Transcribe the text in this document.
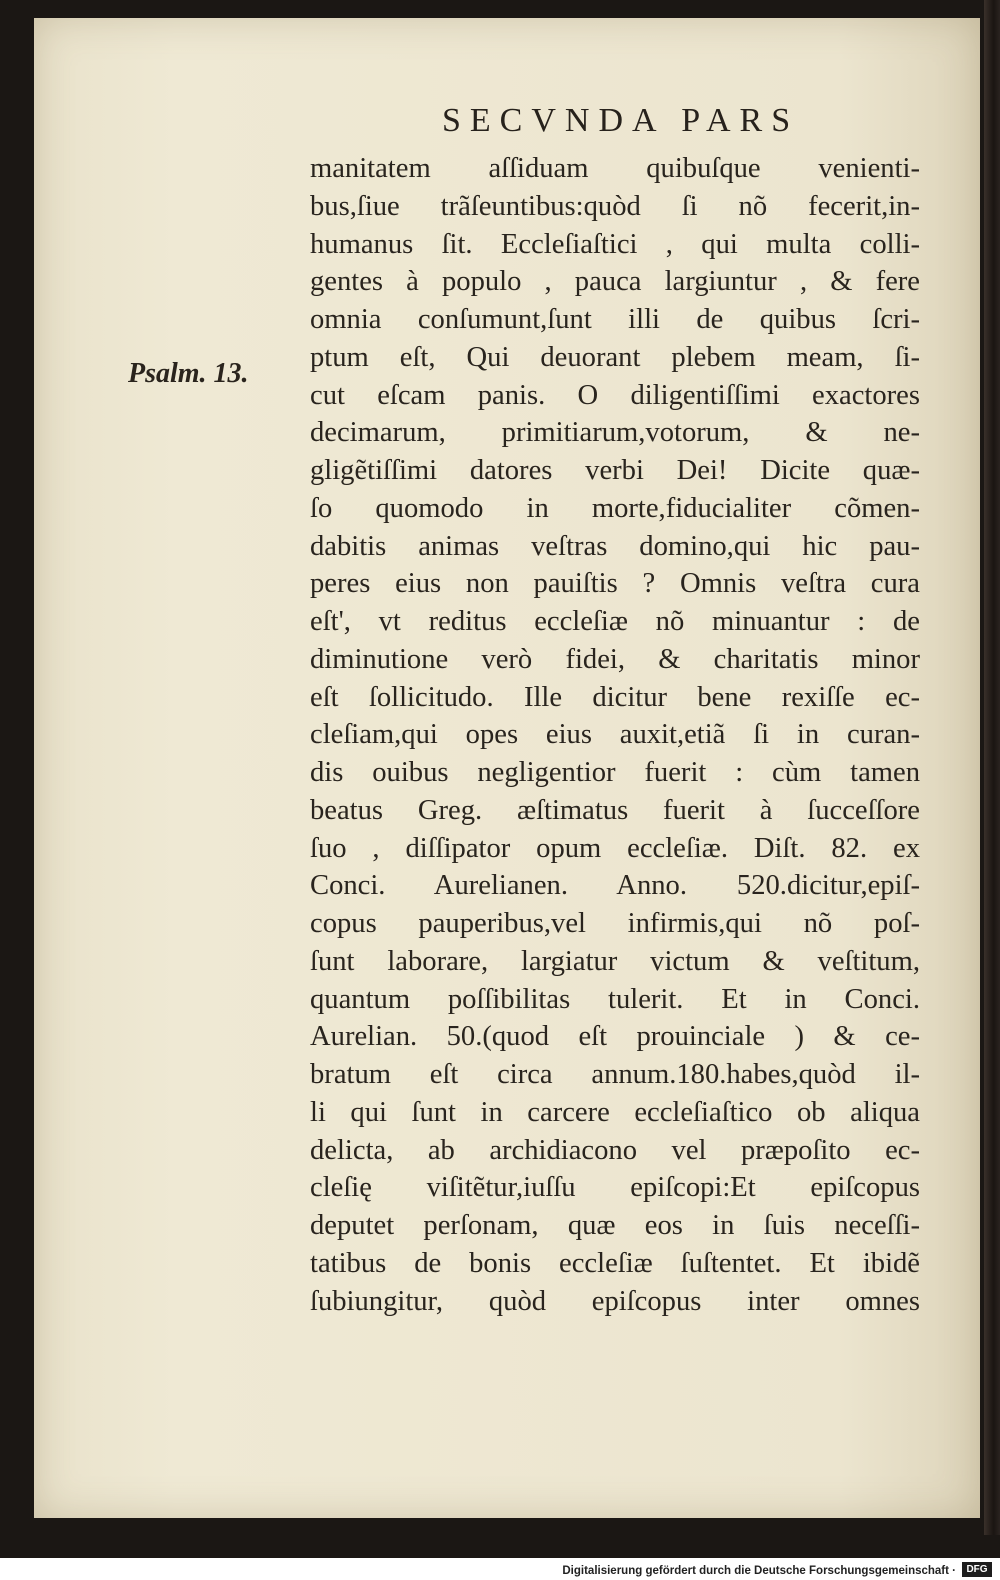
SECVNDA PARS
Psalm. 13.
manitatem aſſiduam quibuſque venienti-
bus,ſiue trãſeuntibus:quòd ſi nõ fecerit,in-
humanus ſit. Eccleſiaſtici , qui multa colli-
gentes à populo , pauca largiuntur , & fere
omnia conſumunt,ſunt illi de quibus ſcri-
ptum eſt, Qui deuorant plebem meam, ſi-
cut eſcam panis. O diligentiſſimi exactores
decimarum, primitiarum,votorum, & ne-
gligẽtiſſimi datores verbi Dei! Dicite quæ-
ſo quomodo in morte,fiducialiter cõmen-
dabitis animas veſtras domino,qui hic pau-
peres eius non pauiſtis ? Omnis veſtra cura
eſt', vt reditus eccleſiæ nõ minuantur : de
diminutione verò fidei, & charitatis minor
eſt ſollicitudo. Ille dicitur bene rexiſſe ec-
cleſiam,qui opes eius auxit,etiã ſi in curan-
dis ouibus negligentior fuerit : cùm tamen
beatus Greg. æſtimatus fuerit à ſucceſſore
ſuo , diſſipator opum eccleſiæ. Diſt. 82. ex
Conci. Aurelianen. Anno. 520.dicitur,epiſ-
copus pauperibus,vel infirmis,qui nõ poſ-
ſunt laborare, largiatur victum & veſtitum,
quantum poſſibilitas tulerit. Et in Conci.
Aurelian. 50.(quod eſt prouinciale ) & ce-
bratum eſt circa annum.180.habes,quòd il-
li qui ſunt in carcere eccleſiaſtico ob aliqua
delicta, ab archidiacono vel præpoſito ec-
cleſię viſitẽtur,iuſſu epiſcopi:Et epiſcopus
deputet perſonam, quæ eos in ſuis neceſſi-
tatibus de bonis eccleſiæ ſuſtentet. Et ibidẽ
ſubiungitur, quòd epiſcopus inter omnes
Digitalisierung gefördert durch die Deutsche Forschungsgemeinschaft ·	DFG
